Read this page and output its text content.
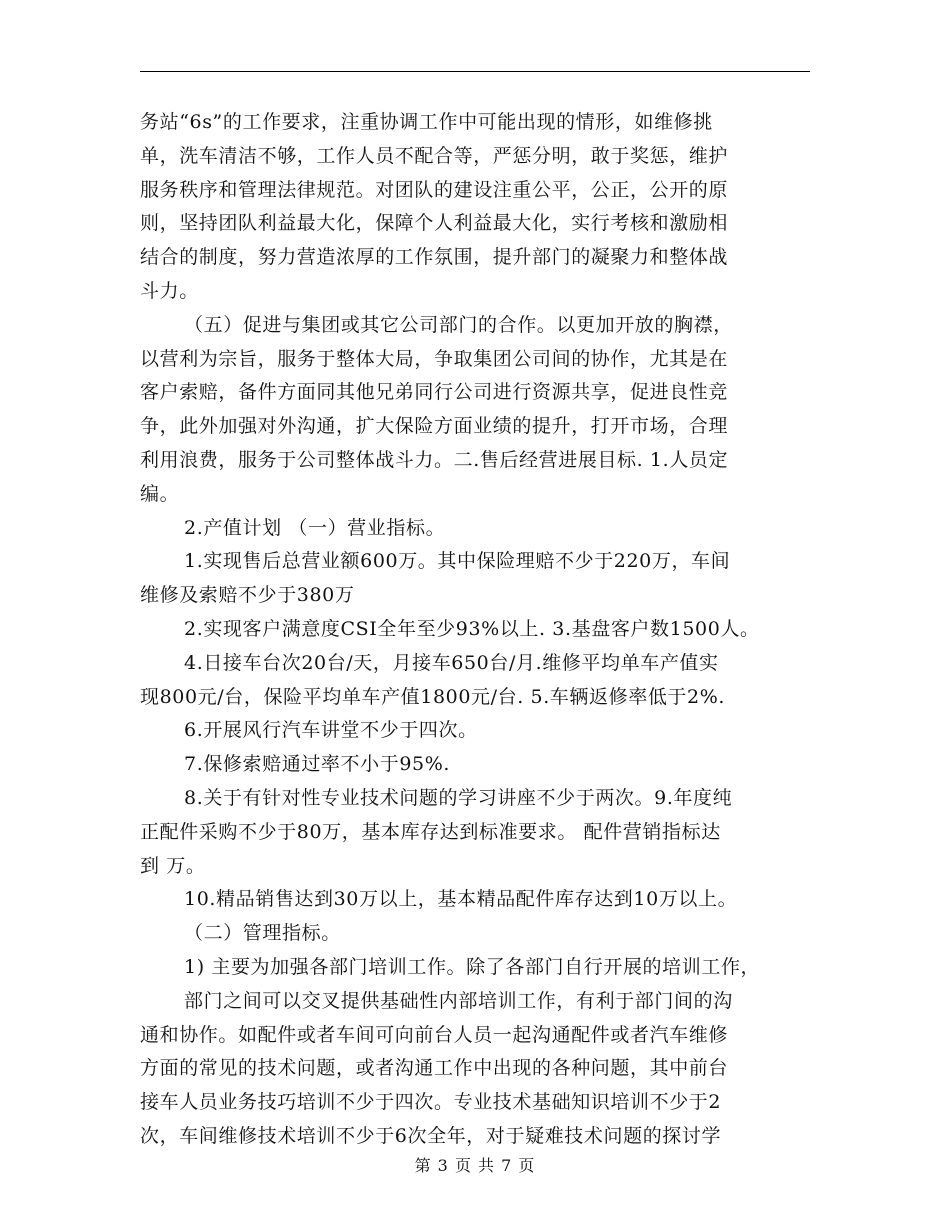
务站“6s”的工作要求，注重协调工作中可能出现的情形，如维修挑
单，洗车清洁不够，工作人员不配合等，严惩分明，敢于奖惩，维护
服务秩序和管理法律规范。对团队的建设注重公平，公正，公开的原
则，坚持团队利益最大化，保障个人利益最大化，实行考核和激励相
结合的制度，努力营造浓厚的工作氛围，提升部门的凝聚力和整体战
斗力。
（五）促进与集团或其它公司部门的合作。以更加开放的胸襟，
以营利为宗旨，服务于整体大局，争取集团公司间的协作，尤其是在
客户索赔，备件方面同其他兄弟同行公司进行资源共享，促进良性竞
争，此外加强对外沟通，扩大保险方面业绩的提升，打开市场，合理
利用浪费，服务于公司整体战斗力。二.售后经营进展目标. 1.人员定
编。
2.产值计划 （一）营业指标。
1.实现售后总营业额600万。其中保险理赔不少于220万，车间
维修及索赔不少于380万
2.实现客户满意度CSI全年至少93%以上. 3.基盘客户数1500人。
4.日接车台次20台/天，月接车650台/月.维修平均单车产值实
现800元/台，保险平均单车产值1800元/台. 5.车辆返修率低于2%.
6.开展风行汽车讲堂不少于四次。
7.保修索赔通过率不小于95%.
8.关于有针对性专业技术问题的学习讲座不少于两次。9.年度纯
正配件采购不少于80万，基本库存达到标准要求。 配件营销指标达
到 万。
10.精品销售达到30万以上，基本精品配件库存达到10万以上。
（二）管理指标。
1) 主要为加强各部门培训工作。除了各部门自行开展的培训工作，
部门之间可以交叉提供基础性内部培训工作，有利于部门间的沟
通和协作。如配件或者车间可向前台人员一起沟通配件或者汽车维修
方面的常见的技术问题，或者沟通工作中出现的各种问题，其中前台
接车人员业务技巧培训不少于四次。专业技术基础知识培训不少于2
次，车间维修技术培训不少于6次全年，对于疑难技术问题的探讨学
第 3 页 共 7 页
